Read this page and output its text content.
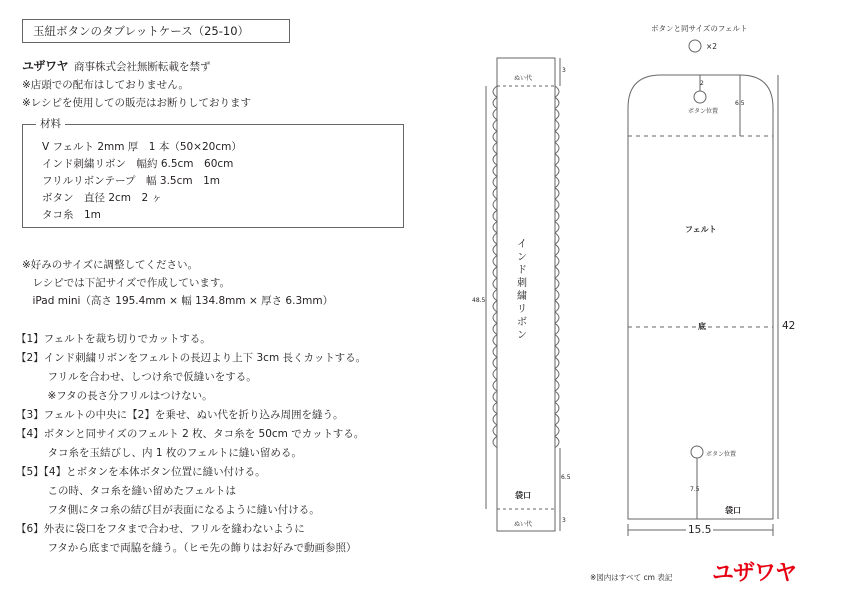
玉紐ボタンのタブレットケース（25-10）
ユザワヤ 商事株式会社無断転載を禁ず
※店頭での配布はしておりません。
※レシピを使用しての販売はお断りしております
材料
V フェルト 2mm 厚　1 本（50×20cm）
インド刺繍リボン　幅約 6.5cm　60cm
フリルリボンテープ　幅 3.5cm　1m
ボタン　直径 2cm　2 ヶ
タコ糸　1m
※好みのサイズに調整してください。
　レシピでは下記サイズで作成しています。
　iPad mini（高さ 195.4mm × 幅 134.8mm × 厚さ 6.3mm）
【1】フェルトを裁ち切りでカットする。
【2】インド刺繍リボンをフェルトの長辺より上下 3cm 長くカットする。
　　　フリルを合わせ、しつけ糸で仮縫いをする。
　　　※フタの長さ分フリルはつけない。
【3】フェルトの中央に【2】を乗せ、ぬい代を折り込み周囲を縫う。
【4】ボタンと同サイズのフェルト 2 枚、タコ糸を 50cm でカットする。
　　　タコ糸を玉結びし、内 1 枚のフェルトに縫い留める。
【5】【4】とボタンを本体ボタン位置に縫い付ける。
　　　この時、タコ糸を縫い留めたフェルトは
　　　フタ側にタコ糸の結び目が表面になるように縫い付ける。
【6】外表に袋口をフタまで合わせ、フリルを縫わないように
　　　フタから底まで両脇を縫う。（ヒモ先の飾りはお好みで動画参照）
ぬい代
ぬい代
インド刺繍リボン
袋口
3
3
48.5
6.5
ボタンと同サイズのフェルト
×2
2
ボタン位置
6.5
フェルト
底	42
ボタン位置
7.5
袋口
15.5
※図内はすべて cm 表記 ユザワヤ
